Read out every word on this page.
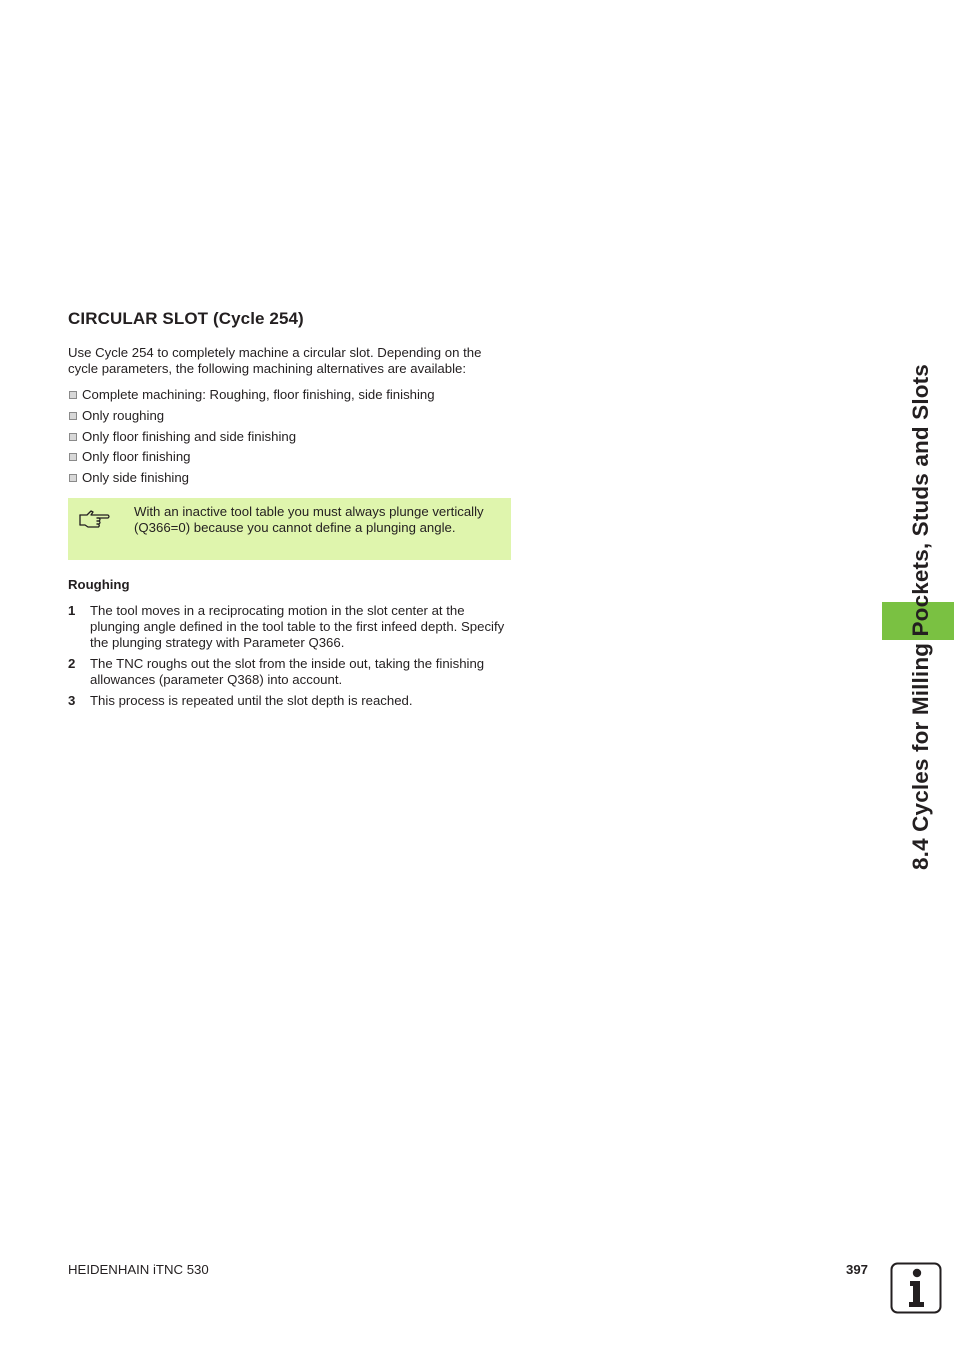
CIRCULAR SLOT (Cycle 254)

Use Cycle 254 to completely machine a circular slot. Depending on the cycle parameters, the following machining alternatives are available:

Complete machining: Roughing, floor finishing, side finishing
Only roughing
Only floor finishing and side finishing
Only floor finishing
Only side finishing

With an inactive tool table you must always plunge vertically (Q366=0) because you cannot define a plunging angle.

Roughing
1 The tool moves in a reciprocating motion in the slot center at the plunging angle defined in the tool table to the first infeed depth. Specify the plunging strategy with Parameter Q366.
2 The TNC roughs out the slot from the inside out, taking the finishing allowances (parameter Q368) into account.
3 This process is repeated until the slot depth is reached.	8.4 Cycles for Milling Pockets, Studs and Slots

HEIDENHAIN iTNC 530	397
